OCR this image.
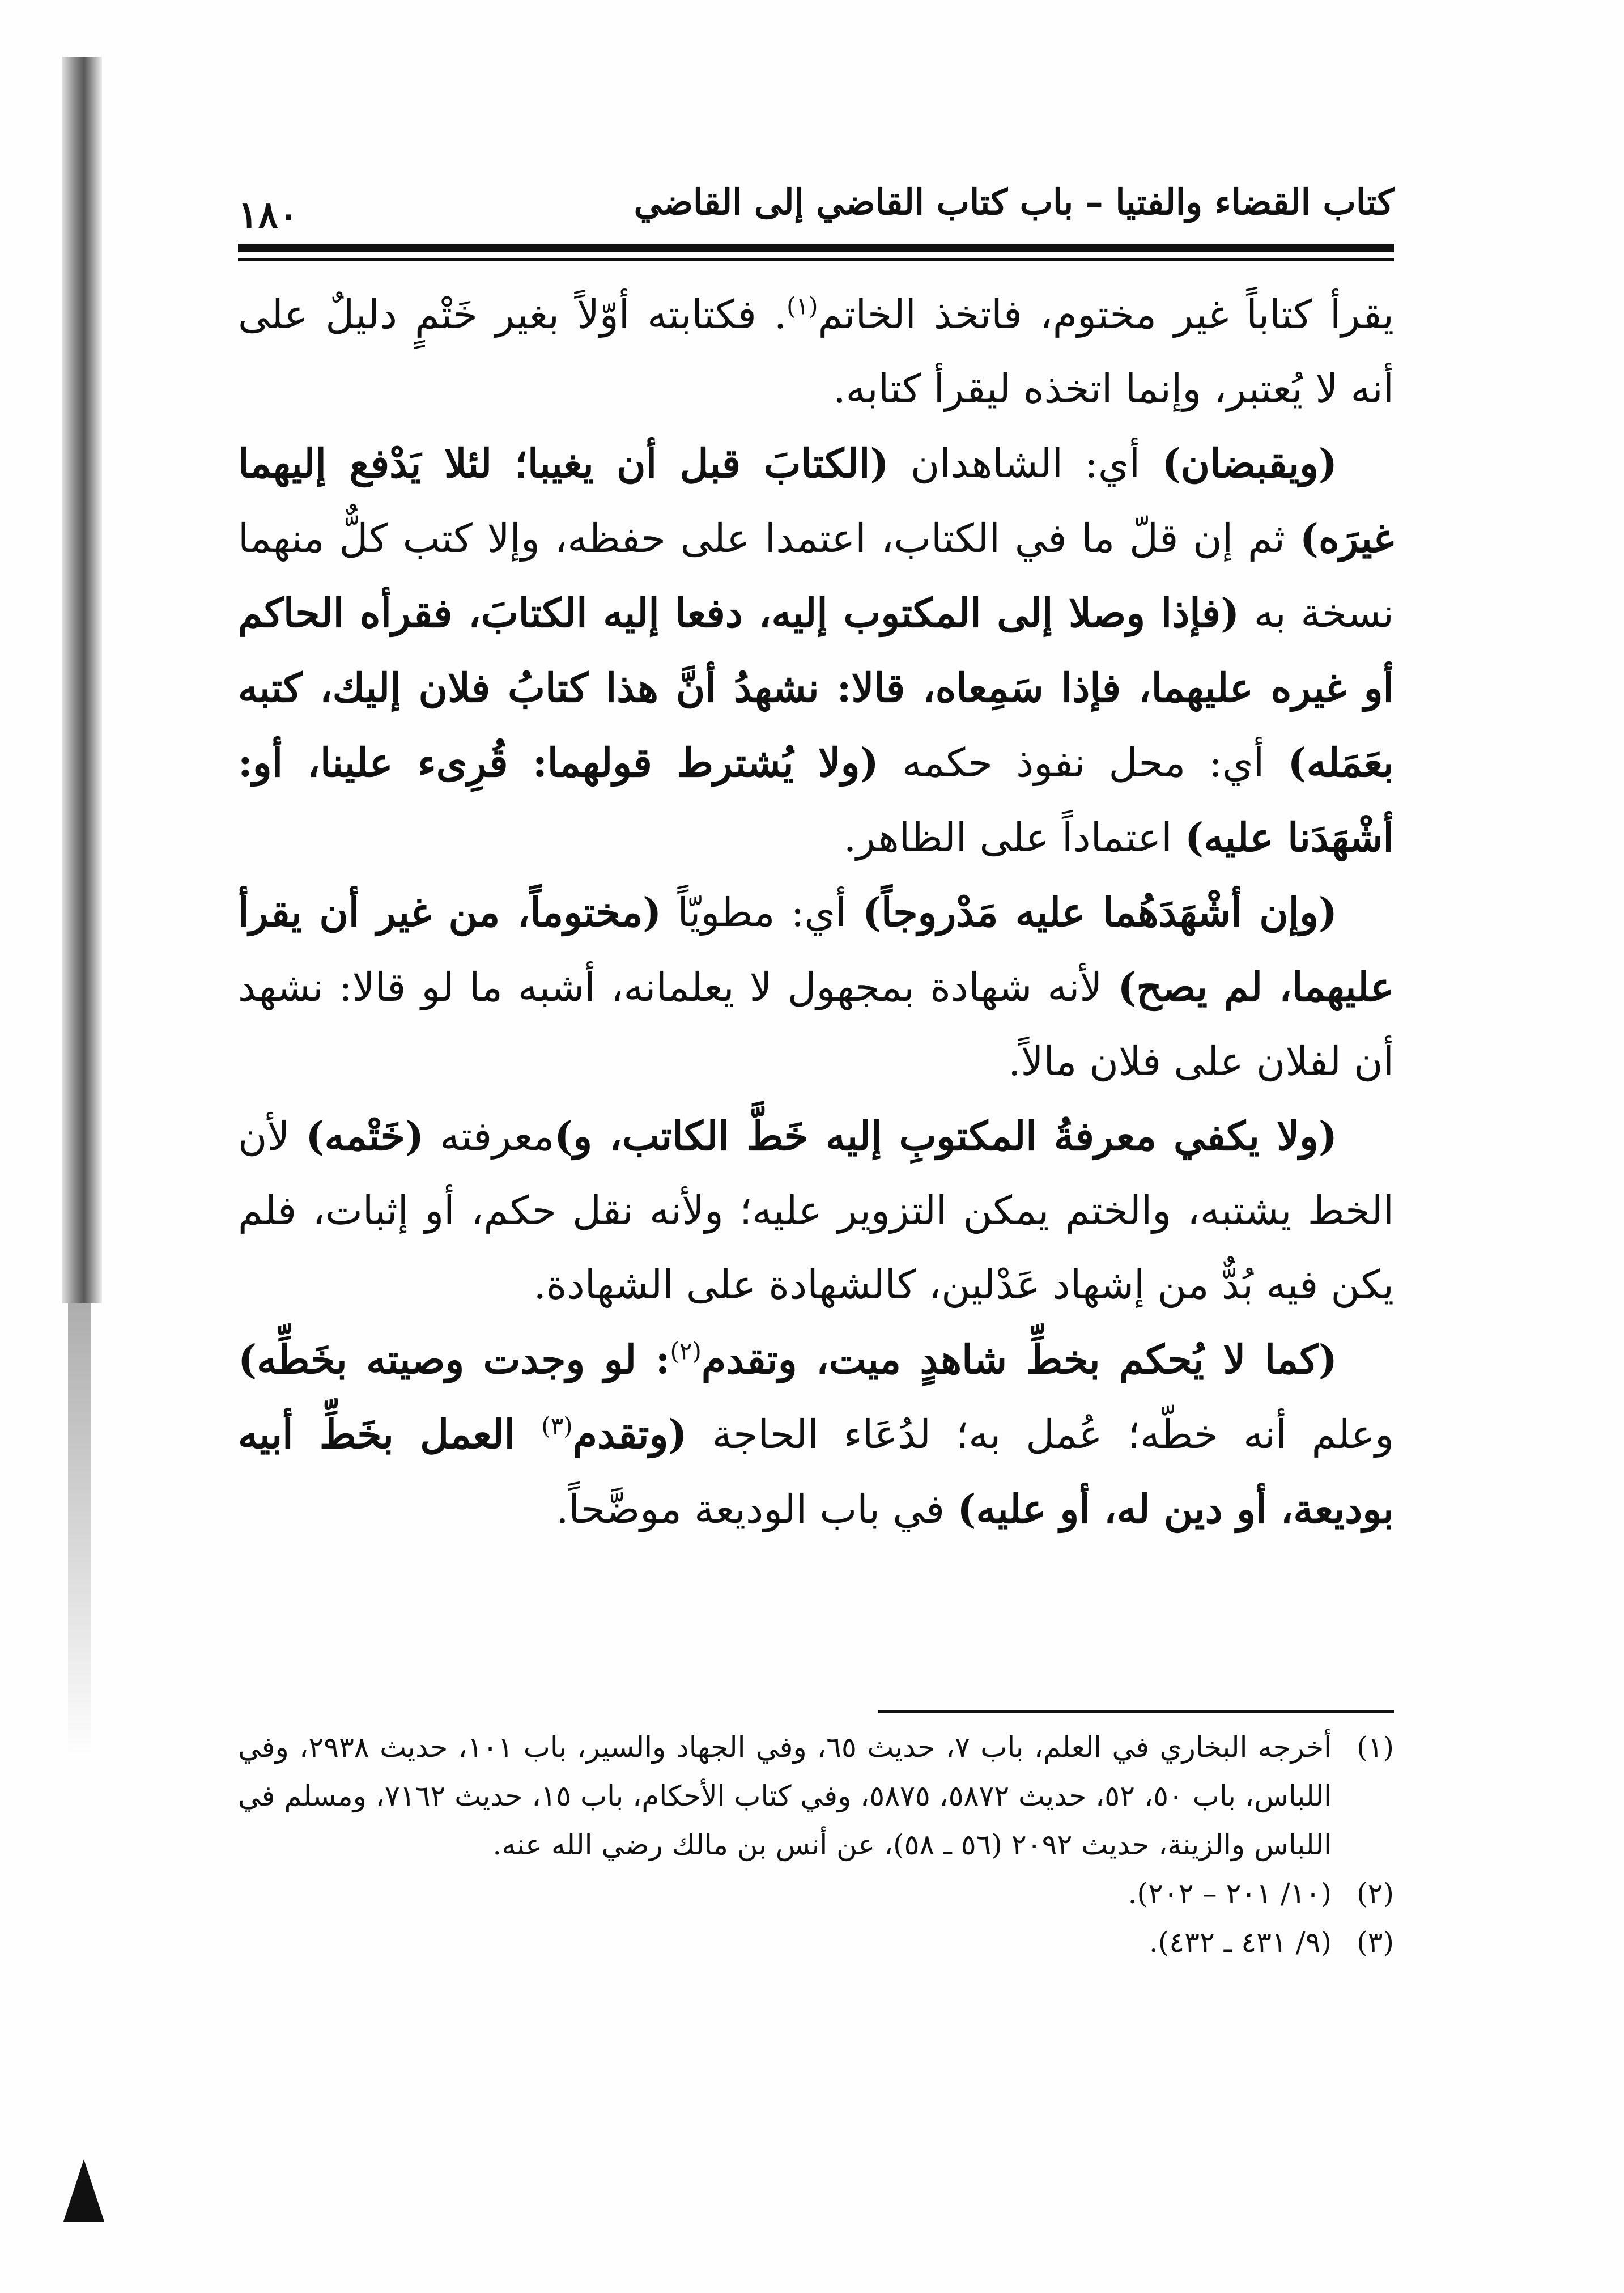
كتاب القضاء والفتيا – باب كتاب القاضي إلى القاضي
١٨٠

يقرأ كتاباً غير مختوم، فاتخذ الخاتم$^{(١)}$. فكتابته أوّلاً بغير خَتْمٍ دليلٌ على أنه لا يُعتبر، وإنما اتخذه ليقرأ كتابه.

(ويقبضان) أي: الشاهدان (الكتابَ قبل أن يغيبا؛ لئلا يَدْفع إليهما غيرَه) ثم إن قلّ ما في الكتاب، اعتمدا على حفظه، وإلا كتب كلٌّ منهما نسخة به (فإذا وصلا إلى المكتوب إليه، دفعا إليه الكتابَ، فقرأه الحاكم أو غيره عليهما، فإذا سَمِعاه، قالا: نشهدُ أنَّ هذا كتابُ فلان إليك، كتبه بعَمَله) أي: محل نفوذ حكمه (ولا يُشترط قولهما: قُرِىء علينا، أو: أشْهَدَنا عليه) اعتماداً على الظاهر.

(وإن أشْهَدَهُما عليه مَدْروجاً) أي: مطويّاً (مختوماً، من غير أن يقرأ عليهما، لم يصح) لأنه شهادة بمجهول لا يعلمانه، أشبه ما لو قالا: نشهد أن لفلان على فلان مالاً.

(ولا يكفي معرفةُ المكتوبِ إليه خَطَّ الكاتب، و)معرفته (خَتْمه) لأن الخط يشتبه، والختم يمكن التزوير عليه؛ ولأنه نقل حكم، أو إثبات، فلم يكن فيه بُدٌّ من إشهاد عَدْلين، كالشهادة على الشهادة.

(كما لا يُحكم بخطِّ شاهدٍ ميت، وتقدم$^{(٢)}$: لو وجدت وصيته بخَطِّه) وعلم أنه خطّه؛ عُمل به؛ لدُعَاء الحاجة (وتقدم$^{(٣)}$ العمل بخَطِّ أبيه بوديعة، أو دين له، أو عليه) في باب الوديعة موضَّحاً.

(١)
أخرجه البخاري في العلم، باب ٧، حديث ٦٥، وفي الجهاد والسير، باب ١٠١، حديث ٢٩٣٨، وفي اللباس، باب ٥٠، ٥٢، حديث ٥٨٧٢، ٥٨٧٥، وفي كتاب الأحكام، باب ١٥، حديث ٧١٦٢، ومسلم في اللباس والزينة، حديث ٢٠٩٢ (٥٦ ـ ٥٨)، عن أنس بن مالك رضي الله عنه.

(٢)
(١٠/ ٢٠١ – ٢٠٢).

(٣)
(٩/ ٤٣١ ـ ٤٣٢).
